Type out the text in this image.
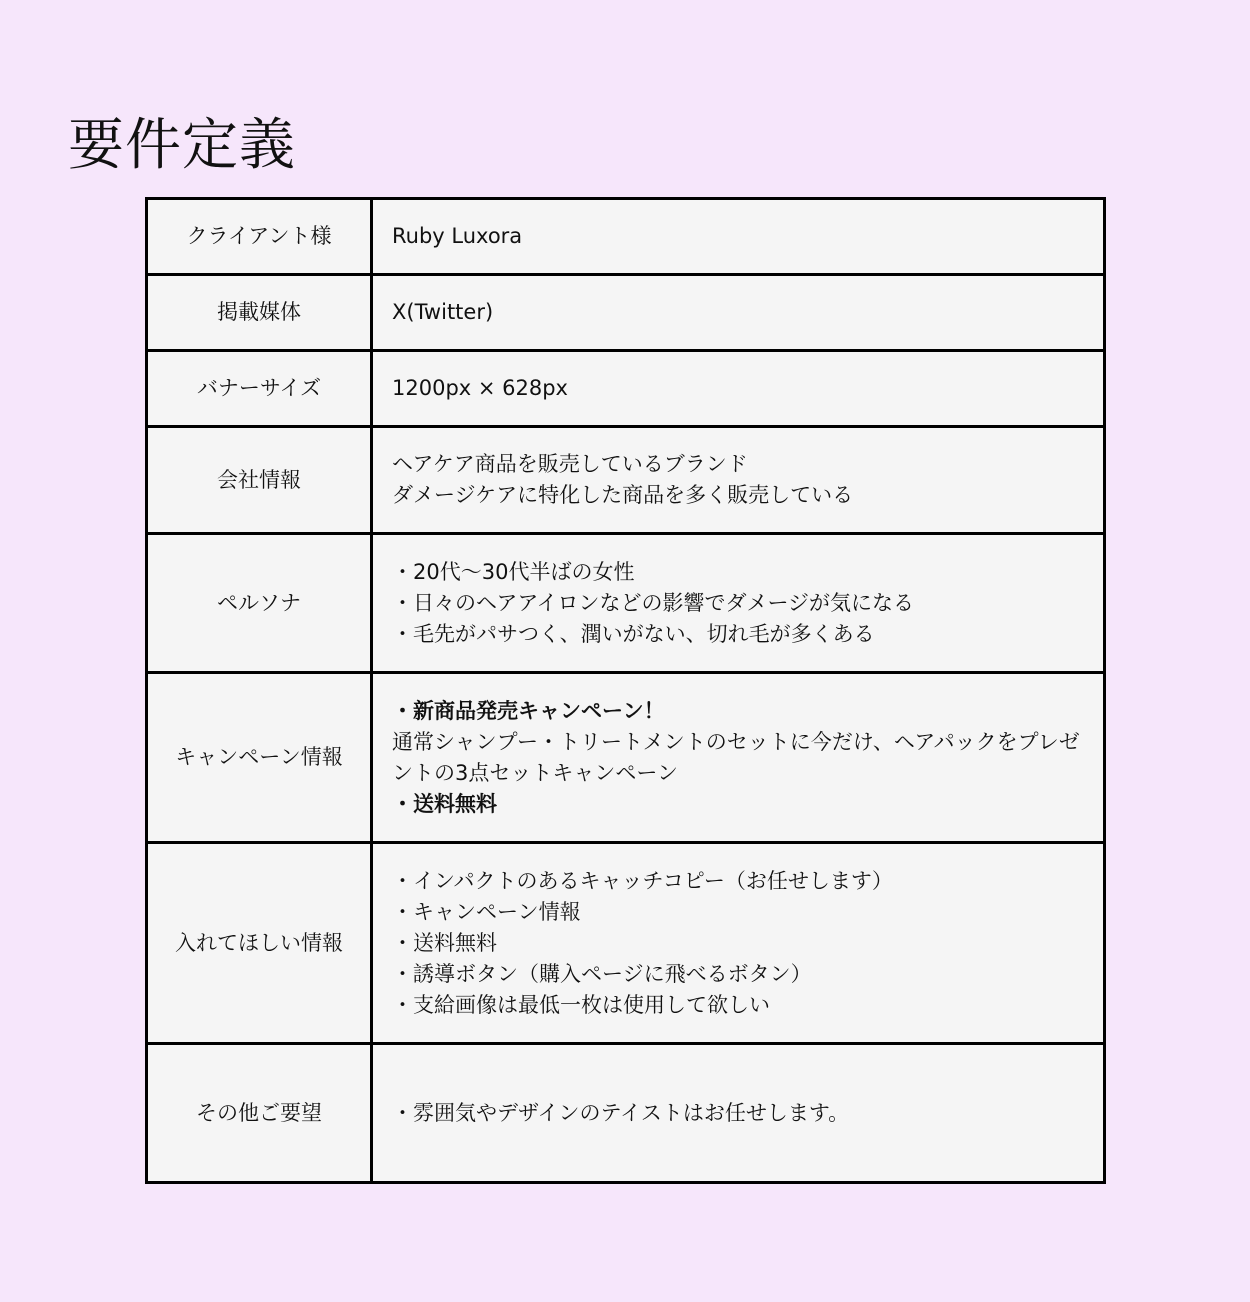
要件定義
クライアント様	Ruby Luxora

掲載媒体	X(Twitter)

バナーサイズ	1200px × 628px

会社情報	ヘアケア商品を販売しているブランド
ダメージケアに特化した商品を多く販売している

ペルソナ	・20代〜30代半ばの女性
・日々のヘアアイロンなどの影響でダメージが気になる
・毛先がパサつく、潤いがない、切れ毛が多くある

キャンペーン情報	・新商品発売キャンペーン！
通常シャンプー・トリートメントのセットに今だけ、ヘアパックをプレゼントの3点セットキャンペーン
・送料無料

入れてほしい情報	・インパクトのあるキャッチコピー（お任せします）
・キャンペーン情報
・送料無料
・誘導ボタン（購入ページに飛べるボタン）
・支給画像は最低一枚は使用して欲しい

その他ご要望	・雰囲気やデザインのテイストはお任せします。
